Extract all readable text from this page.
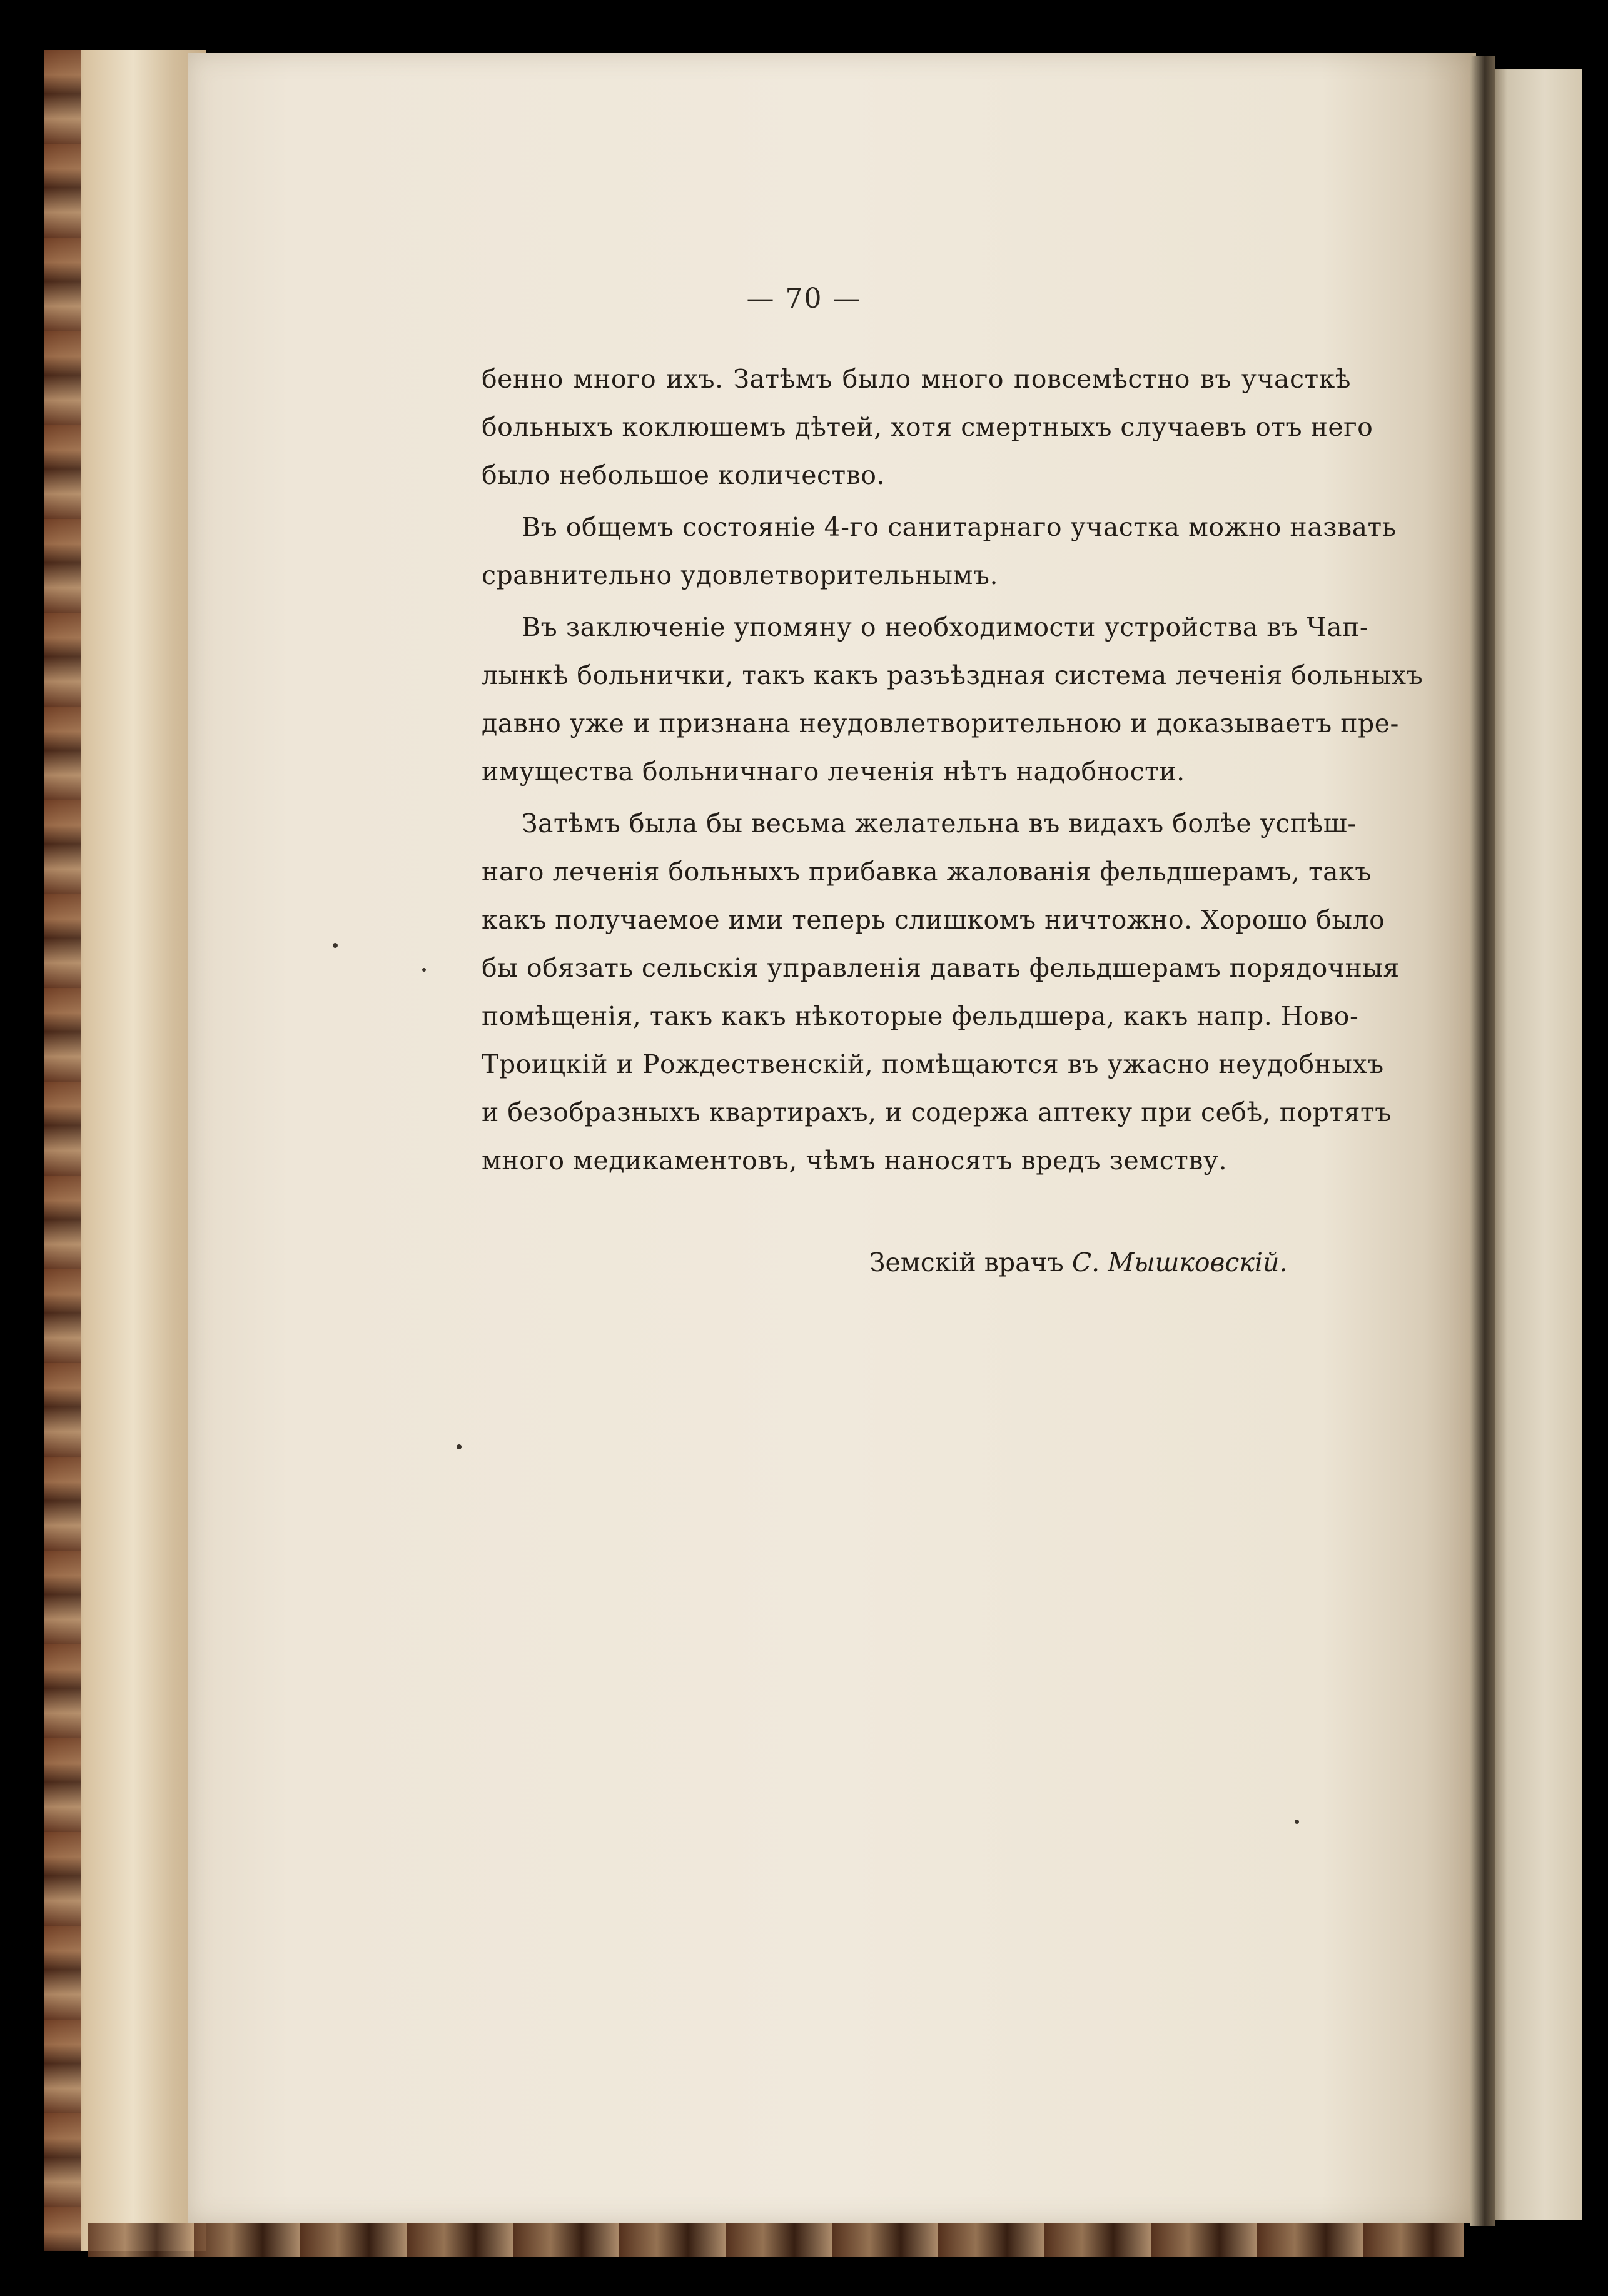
— 70 —
бенно много ихъ. Затѣмъ было много повсемѣстно въ участкѣ
больныхъ коклюшемъ дѣтей, хотя смертныхъ случаевъ отъ него
было небольшое количество.
Въ общемъ состояніе 4-го санитарнаго участка можно назвать
сравнительно удовлетворительнымъ.
Въ заключеніе упомяну о необходимости устройства въ Чап-
лынкѣ больнички, такъ какъ разъѣздная система леченія больныхъ
давно уже и признана неудовлетворительною и доказываетъ пре-
имущества больничнаго леченія нѣтъ надобности.
Затѣмъ была бы весьма желательна въ видахъ болѣе успѣш-
наго леченія больныхъ прибавка жалованія фельдшерамъ, такъ
какъ получаемое ими теперь слишкомъ ничтожно. Хорошо было
бы обязать сельскія управленія давать фельдшерамъ порядочныя
помѣщенія, такъ какъ нѣкоторые фельдшера, какъ напр. Ново-
Троицкій и Рождественскій, помѣщаются въ ужасно неудобныхъ
и безобразныхъ квартирахъ, и содержа аптеку при себѣ, портятъ
много медикаментовъ, чѣмъ наносятъ вредъ земству.
Земскій врачъ С. Мышковскій.
